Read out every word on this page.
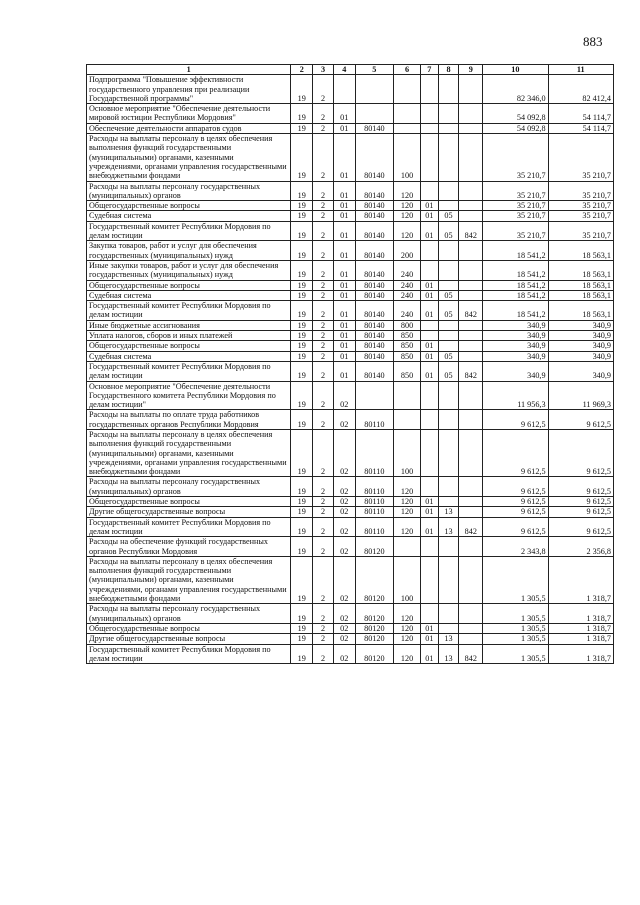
883
1	2	3	4	5	6	7	8	9	10	11
Подпрограмма "Повышение эффективности государственного управления при реализации Государственной программы"	19	2							82 346,0	82 412,4
Основное мероприятие "Обеспечение деятельности мировой юстиции Республики Мордовия"	19	2	01						54 092,8	54 114,7
Обеспечение деятельности аппаратов судов	19	2	01	80140					54 092,8	54 114,7
Расходы на выплаты персоналу в целях обеспечения выполнения функций государственными (муниципальными) органами, казенными учреждениями, органами управления государственными внебюджетными фондами	19	2	01	80140	100				35 210,7	35 210,7
Расходы на выплаты персоналу государственных (муниципальных) органов	19	2	01	80140	120				35 210,7	35 210,7
Общегосударственные вопросы	19	2	01	80140	120	01			35 210,7	35 210,7
Судебная система	19	2	01	80140	120	01	05		35 210,7	35 210,7
Государственный комитет Республики Мордовия по делам юстиции	19	2	01	80140	120	01	05	842	35 210,7	35 210,7
Закупка товаров, работ и услуг для обеспечения государственных (муниципальных) нужд	19	2	01	80140	200				18 541,2	18 563,1
Иные закупки товаров, работ и услуг для обеспечения государственных (муниципальных) нужд	19	2	01	80140	240				18 541,2	18 563,1
Общегосударственные вопросы	19	2	01	80140	240	01			18 541,2	18 563,1
Судебная система	19	2	01	80140	240	01	05		18 541,2	18 563,1
Государственный комитет Республики Мордовия по делам юстиции	19	2	01	80140	240	01	05	842	18 541,2	18 563,1
Иные бюджетные ассигнования	19	2	01	80140	800				340,9	340,9
Уплата налогов, сборов и иных платежей	19	2	01	80140	850				340,9	340,9
Общегосударственные вопросы	19	2	01	80140	850	01			340,9	340,9
Судебная система	19	2	01	80140	850	01	05		340,9	340,9
Государственный комитет Республики Мордовия по делам юстиции	19	2	01	80140	850	01	05	842	340,9	340,9
Основное мероприятие "Обеспечение деятельности Государственного комитета Республики Мордовия по делам юстиции"	19	2	02						11 956,3	11 969,3
Расходы на выплаты по оплате труда работников государственных органов Республики Мордовия	19	2	02	80110					9 612,5	9 612,5
Расходы на выплаты персоналу в целях обеспечения выполнения функций государственными (муниципальными) органами, казенными учреждениями, органами управления государственными внебюджетными фондами	19	2	02	80110	100				9 612,5	9 612,5
Расходы на выплаты персоналу государственных (муниципальных) органов	19	2	02	80110	120				9 612,5	9 612,5
Общегосударственные вопросы	19	2	02	80110	120	01			9 612,5	9 612,5
Другие общегосударственные вопросы	19	2	02	80110	120	01	13		9 612,5	9 612,5
Государственный комитет Республики Мордовия по делам юстиции	19	2	02	80110	120	01	13	842	9 612,5	9 612,5
Расходы на обеспечение функций государственных органов Республики Мордовия	19	2	02	80120					2 343,8	2 356,8
Расходы на выплаты персоналу в целях обеспечения выполнения функций государственными (муниципальными) органами, казенными учреждениями, органами управления государственными внебюджетными фондами	19	2	02	80120	100				1 305,5	1 318,7
Расходы на выплаты персоналу государственных (муниципальных) органов	19	2	02	80120	120				1 305,5	1 318,7
Общегосударственные вопросы	19	2	02	80120	120	01			1 305,5	1 318,7
Другие общегосударственные вопросы	19	2	02	80120	120	01	13		1 305,5	1 318,7
Государственный комитет Республики Мордовия по делам юстиции	19	2	02	80120	120	01	13	842	1 305,5	1 318,7
